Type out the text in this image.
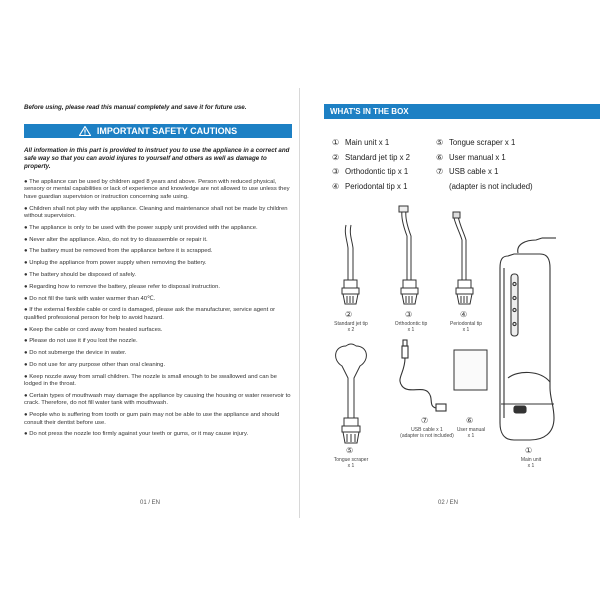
Before using, please read this manual completely and save it for future use.
IMPORTANT SAFETY CAUTIONS
All information in this part is provided to instruct you to use the appliance in a correct and safe way so that you can avoid injures to yourself and others as well as damage to property.
● The appliance can be used by children aged 8 years and above. Person with reduced physical, sensory or mental capabilities or lack of experience and knowledge are not allowed to use unless they have guardian supervision or instruction concerning safe using.
● Children shall not play with the appliance. Cleaning and maintenance shall not be made by children without supervision.
● The appliance is only to be used with the power supply unit provided with the appliance.
● Never alter the appliance. Also, do not try to disassemble or repair it.
● The battery must be removed from the appliance before it is scrapped.
● Unplug the appliance from power supply when removing the battery.
● The battery should be disposed of safely.
● Regarding how to remove the battery, please refer to disposal instruction.
● Do not fill the tank with water warmer than 40℃.
● If the external flexible cable or cord is damaged, please ask the manufacturer, service agent or qualified professional person for help to avoid hazard.
● Keep the cable or cord away from heated surfaces.
● Please do not use it if you lost the nozzle.
● Do not submerge the device in water.
● Do not use for any purpose other than oral cleaning.
● Keep nozzle away from small children. The nozzle is small enough to be swallowed and can be lodged in the throat.
● Certain types of mouthwash may damage the appliance by causing the housing or water reservoir to crack. Therefore, do not fill water tank with mouthwash.
● People who is suffering from tooth or gum pain may not be able to use the appliance and should consult their dentist before use.
● Do not press the nozzle too firmly against your teeth or gums, or it may cause injury.
01 / EN
WHAT'S IN THE BOX
① Main unit x 1
② Standard jet tip x 2
③ Orthodontic tip x 1
④ Periodontal tip x 1
⑤ Tongue scraper x 1
⑥ User manual x 1
⑦ USB cable x 1
(adapter is not included)
②
Standard jet tip
x 2
③
Orthodontic tip
x 1
④
Periodontal tip
x 1
⑤
Tongue scraper
x 1
⑦
USB cable x 1
(adapter is not included)
⑥
User manual
x 1
①
Main unit
x 1
02 / EN
